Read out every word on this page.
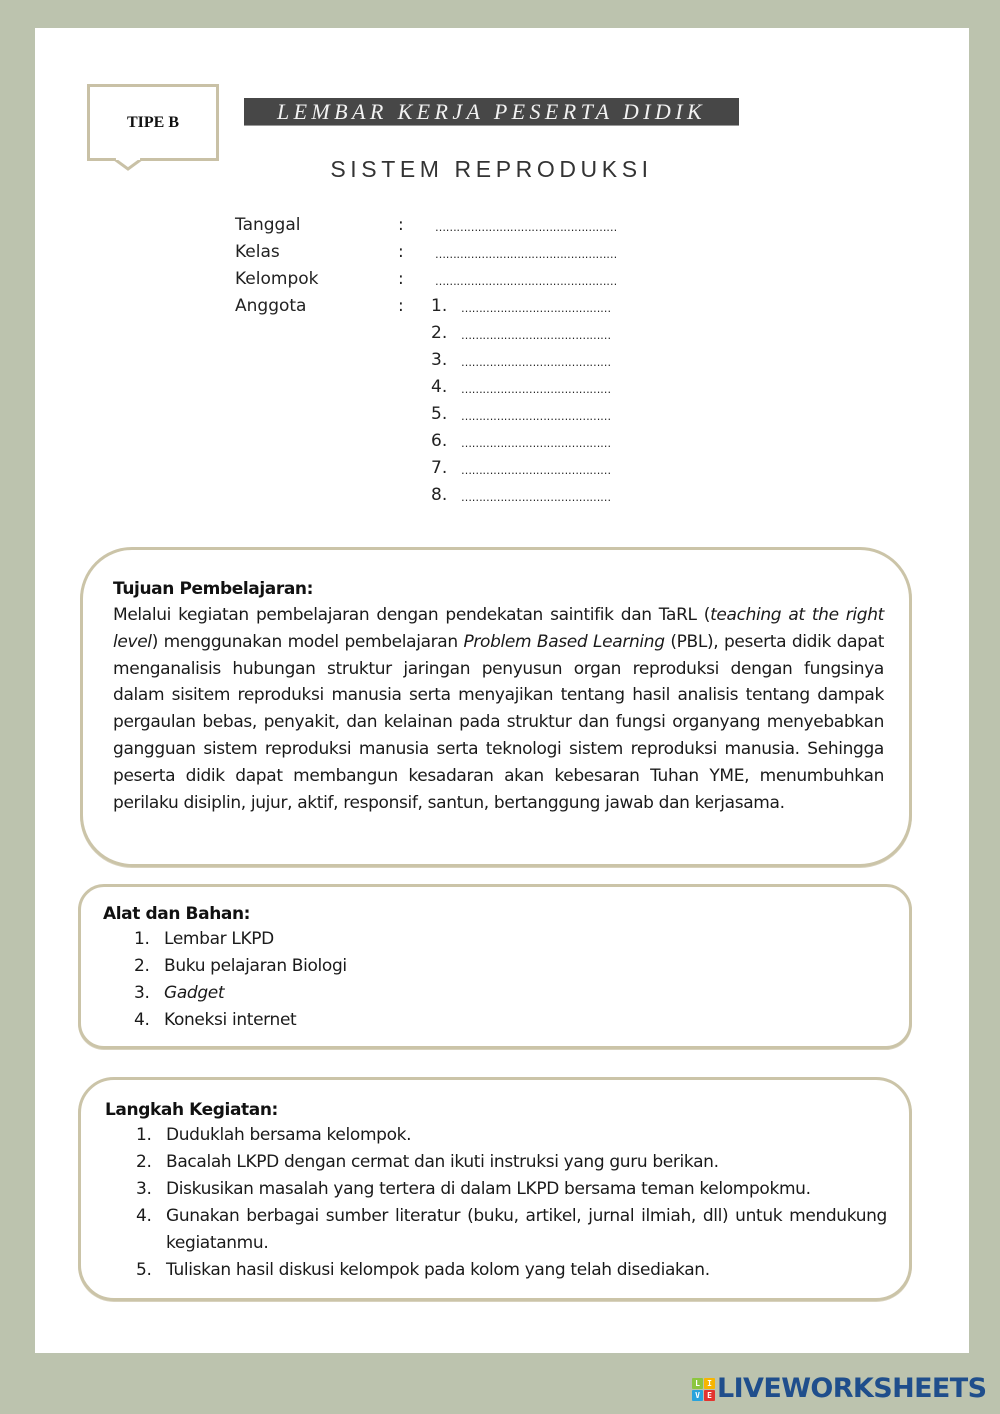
TIPE B	LEMBAR KERJA PESERTA DIDIK
SISTEM REPRODUKSI
Tanggal	:	……………………………………………
Kelas	:	……………………………………………
Kelompok	:	……………………………………………
Anggota	: 1. ……………………………………
2. ……………………………………
3. ……………………………………
4. ……………………………………
5. ……………………………………
6. ……………………………………
7. ……………………………………
8. ……………………………………
Tujuan Pembelajaran:

Melalui kegiatan pembelajaran dengan pendekatan saintifik dan TaRL (teaching at the right level) menggunakan model pembelajaran Problem Based Learning (PBL), peserta didik dapat menganalisis hubungan struktur jaringan penyusun organ reproduksi dengan fungsinya dalam sisitem reproduksi manusia serta menyajikan tentang hasil analisis tentang dampak pergaulan bebas, penyakit, dan kelainan pada struktur dan fungsi organyang menyebabkan gangguan sistem reproduksi manusia serta teknologi sistem reproduksi manusia. Sehingga peserta didik dapat membangun kesadaran akan kebesaran Tuhan YME, menumbuhkan perilaku disiplin, jujur, aktif, responsif, santun, bertanggung jawab dan kerjasama.

Alat dan Bahan:
1. Lembar LKPD
2. Buku pelajaran Biologi
3. Gadget
4. Koneksi internet
Langkah Kegiatan:
1. Duduklah bersama kelompok.
2. Bacalah LKPD dengan cermat dan ikuti instruksi yang guru berikan.
3. Diskusikan masalah yang tertera di dalam LKPD bersama teman kelompokmu.
4. Gunakan berbagai sumber literatur (buku, artikel, jurnal ilmiah, dll) untuk mendukung kegiatanmu.
5. Tuliskan hasil diskusi kelompok pada kolom yang telah disediakan.
L I
V E LIVEWORKSHEETS
